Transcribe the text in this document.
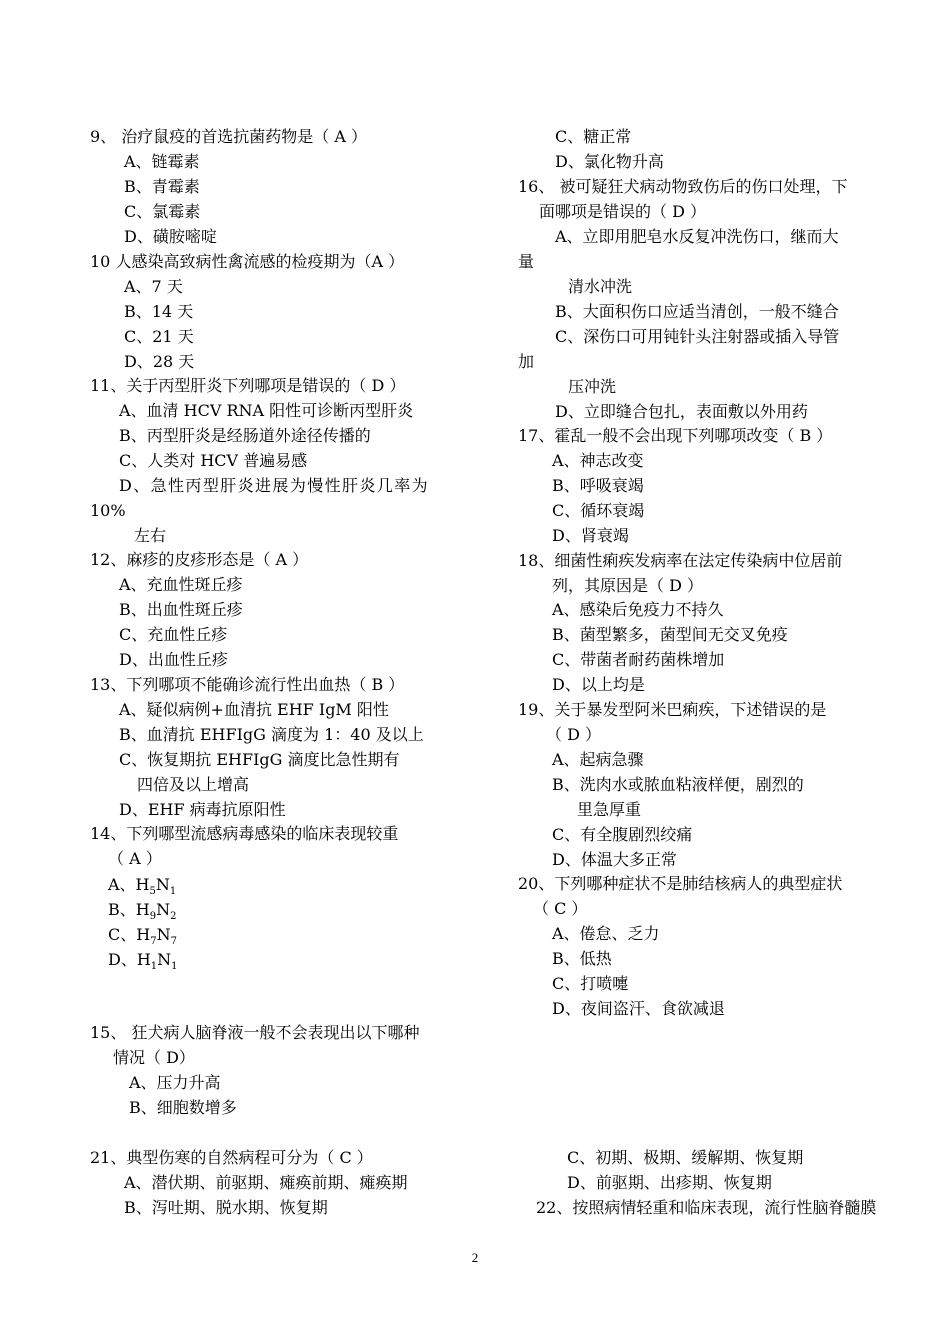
9、 治疗鼠疫的首选抗菌药物是（ A ）
A、链霉素
B、青霉素
C、氯霉素
D、磺胺嘧啶
10 人感染高致病性禽流感的检疫期为（A ）
A、7 天
B、14 天
C、21 天
D、28 天
11、关于丙型肝炎下列哪项是错误的（ D ）
A、血清 HCV RNA 阳性可诊断丙型肝炎
B、丙型肝炎是经肠道外途径传播的
C、人类对 HCV 普遍易感
D、急性丙型肝炎进展为慢性肝炎几率为
10%
左右
12、麻疹的皮疹形态是（ A ）
A、充血性斑丘疹
B、出血性斑丘疹
C、充血性丘疹
D、出血性丘疹
13、下列哪项不能确诊流行性出血热（ B ）
A、疑似病例+血清抗 EHF IgM 阳性
B、血清抗 EHFIgG 滴度为 1：40 及以上
C、恢复期抗 EHFIgG 滴度比急性期有
四倍及以上增高
D、EHF 病毒抗原阳性
14、下列哪型流感病毒感染的临床表现较重
（ A ）
A、$H_5N_1$
B、$H_9N_2$
C、$H_7N_7$
D、$H_1N_1$
15、 狂犬病人脑脊液一般不会表现出以下哪种
情况（ D）
A、压力升高
B、细胞数增多
C、糖正常
D、氯化物升高
16、 被可疑狂犬病动物致伤后的伤口处理，下
面哪项是错误的（ D ）
A、立即用肥皂水反复冲洗伤口，继而大
量
清水冲洗
B、大面积伤口应适当清创，一般不缝合
C、深伤口可用钝针头注射器或插入导管
加
压冲洗
D、立即缝合包扎，表面敷以外用药
17、霍乱一般不会出现下列哪项改变（ B ）
A、神志改变
B、呼吸衰竭
C、循环衰竭
D、肾衰竭
18、细菌性痢疾发病率在法定传染病中位居前
列，其原因是（ D ）
A、感染后免疫力不持久
B、菌型繁多，菌型间无交叉免疫
C、带菌者耐药菌株增加
D、以上均是
19、关于暴发型阿米巴痢疾，下述错误的是
（ D ）
A、起病急骤
B、洗肉水或脓血粘液样便，剧烈的
里急厚重
C、有全腹剧烈绞痛
D、体温大多正常
20、下列哪种症状不是肺结核病人的典型症状
（ C ）
A、倦怠、乏力
B、低热
C、打喷嚏
D、夜间盗汗、食欲减退
21、典型伤寒的自然病程可分为（ C ）
A、潜伏期、前驱期、瘫痪前期、瘫痪期
B、泻吐期、脱水期、恢复期
C、初期、极期、缓解期、恢复期
D、前驱期、出疹期、恢复期
22、按照病情轻重和临床表现，流行性脑脊髓膜
2
